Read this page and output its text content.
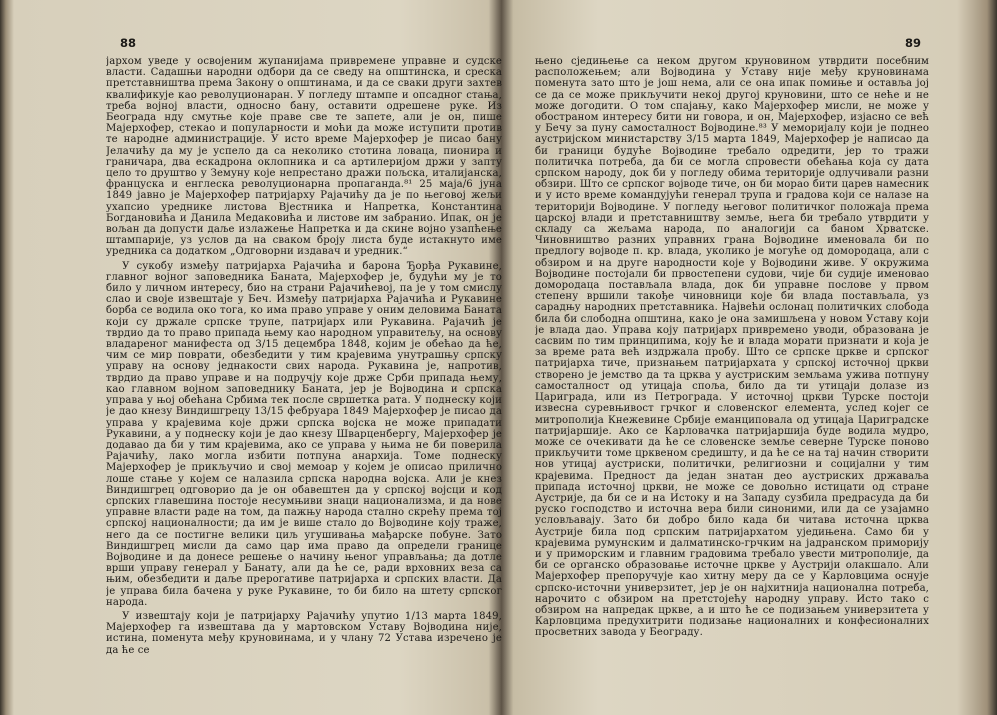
88

јархом уведе у освојеним жупанијама привремене управне и судске власти. Садашњи народни одбори да се сведу на општинска, и среска претставништва према Закону о општинама, и да се сваки други захтев квалификује као револуционаран. У погледу штампе и опсадног стања, треба војној власти, односно бану, оставити одрешене руке. Из Београда нду смутње које праве све те запете, али је он, пише Мајерхофер, стекао и популарности и моћи да може иступити против те народне администрације. У исто време Мајерхофер је писао бану Јелачићу да му је успело да са неколико стотина ловаца, пионира и граничара, два ескадрона оклопника и са артилеријом држи у запту цело то друштво у Земуну које непрестано дражи пољска, италијанска, француска и енглеска револуционарна пропаганда.⁸¹ 25 маја/6 јуна 1849 јавно је Мајерхофер патријарху Рајачићу да је по његовој жељи ухапсио уреднике листова Вјестника и Напретка, Константина Богдановића и Данила Медаковића и листове им забранио. Ипак, он је вољан да допусти даље излажење Напретка и да скине војно узапћење штампарије, уз услов да на сваком броју листа буде истакнуто име уредника са додатком „Одговорни издавач и уредник.“

У сукобу између патријарха Рајачића и барона Ђорђа Рукавине, главног војног заповедника Баната, Мајерхофер је, будући му је то било у личном интересу, био на страни Рајачићевој, па је у том смислу слао и своје извештаје у Беч. Између патријарха Рајачића и Рукавине борба се водила око тога, ко има право управе у оним деловима Баната који су држале српске трупе, патријарх или Рукавина. Рајачић је тврдио да то право припада њему као народном управитељу, на основу владареног манифеста од 3/15 децембра 1848, којим је обећао да ће, чим се мир поврати, обезбедити у тим крајевима унутрашњу српску управу на основу једнакости свих народа. Рукавина је, напротив, тврдио да право управе и на подручју које држе Срби припада њему, као главном војном заповеднику Баната, јер је Војводина и српска управа у њој обећана Србима тек после свршетка рата. У поднеску који је дао кнезу Виндишгрецу 13/15 фебруара 1849 Мајерхофер је писао да управа у крајевима које држи српска војска не може припадати Рукавини, а у поднеску који је дао кнезу Шварценбергу, Мајерхофер је додавао да би у тим крајевима, ако се управа у њима не би поверила Рајачићу, лако могла избити потпуна анархија. Томе поднеску Мајерхофер је прикључио и свој мемоар у којем је описао прилично лоше стање у којем се налазила српска народна војска. Али је кнез Виндишгрец одговорио да је он обавештен да у српској војсци и код српских главешина постоје несумњиви знаци национализма, и да нове управне власти раде на том, да пажњу народа стално скрећу према тој српској националности; да им је више стало до Војводине коју траже, него да се постигне велики циљ угушивања мађарске побуне. Зато Виндишгрец мисли да само цар има право да определи границе Војводине и да донесе решење о начину њеног управљања; да дотле врши управу генерал у Банату, али да ће се, ради врховних веза са њим, обезбедити и даље прерогативе патријарха и српских власти. Да је управа била бачена у руке Рукавине, то би било на штету српског народа.

У извештају који је патријарху Рајачићу упутио 1/13 марта 1849, Мајерхофер га извештава да у мартовском Уставу Војводина није, истина, поменута међу круновинама, и у члану 72 Устава изречено је да ће се

89

њено сједињење са неком другом круновином утврдити посебним расположењем; али Војводина у Уставу није међу круновинама поменута зато што је још нема, али се она ипак помиње и оставља јој се да се може прикључити некој другој круновини, што се неће и не може догодити. О том спајању, како Мајерхофер мисли, не може у обостраном интересу бити ни говора, и он, Мајерхофер, изјасно се већ у Бечу за пуну самосталност Војводине.⁸³ У меморијалу који је поднео аустријском министарству 3/15 марта 1849, Мајерхофер је написао да би граници будуће Војводине требало одредити, јер то тражи политичка потреба, да би се могла спровести обећања која су дата српском народу, док би у погледу обима територије одлучивали разни обзири. Што се српског војводе тиче, он би морао бити царев намесник и у исто време командујући генерал трупа и градова који се налазе на територији Војводине. У погледу његовог политичког положаја према царској влади и претставништву земље, њега би требало утврдити у складу са жељама народа, по аналогији са баном Хрватске. Чиновништво разних управних грана Војводине именовала би по предлогу војводе п. кр. влада, уколико је могуће од домородаца, али с обзиром и на друге народности које у Војводини живе. У окружима Војводине постојали би првостепени судови, чије би судије именовао домородаца постављала влада, док би управне послове у првом степену вршили такође чиновници које би влада постављала, уз сарадњу народних претставника. Највећи ослонац политичких слобода била би слободна општина, како је она замишљена у новом Уставу који је влада дао. Управа коју патријарх привремено уводи, образована је сасвим по тим принципима, коју ће и влада морати признати и која је за време рата већ издржала пробу. Што се српске цркве и српског патријарха тиче, признањем патријархата у српској источној цркви створено је јемство да та црква у аустриским земљама ужива потпуну самосталност од утицаја споља, било да ти утицаји долазе из Цариграда, или из Петрограда. У источној цркви Турске постоји извесна суревњивост грчког и словенског елемента, услед којег се митрополија Кнежевине Србије еманциповала од утицаја Цариградске патријаршије. Ако се Карловачка патријаршија буде водила мудро, може се очекивати да ће се словенске земље северне Турске поново прикључити томе црквеном средишту, и да ће се на тај начин створити нов утицај аустриски, политички, религиозни и социјални у тим крајевима. Предност да један знатан део аустриских државаља припада источној цркви, не може се довољно истицати од стране Аустрије, да би се и на Истоку и на Западу сузбила предрасуда да би руско господство и источна вера били синоними, или да се узајамно условљавају. Зато би добро било када би читава источна црква Аустрије била под српским патријархатом уједињена. Само би у крајевима румунским и далматинско-грчким на јадранском приморију и у приморским и главним градовима требало увести митрополије, да би се органско образовање источне цркве у Аустрији олакшало. Али Мајерхофер препоручује као хитну меру да се у Карловцима оснује српско-источни универзитет, јер је он најхитнија национална потреба, нарочито с обзиром на претстојећу народну управу. Исто тако с обзиром на напредак цркве, а и што ће се подизањем универзитета у Карловцима предухитрити подизање националних и конфесионалних просветних завода у Београду.
